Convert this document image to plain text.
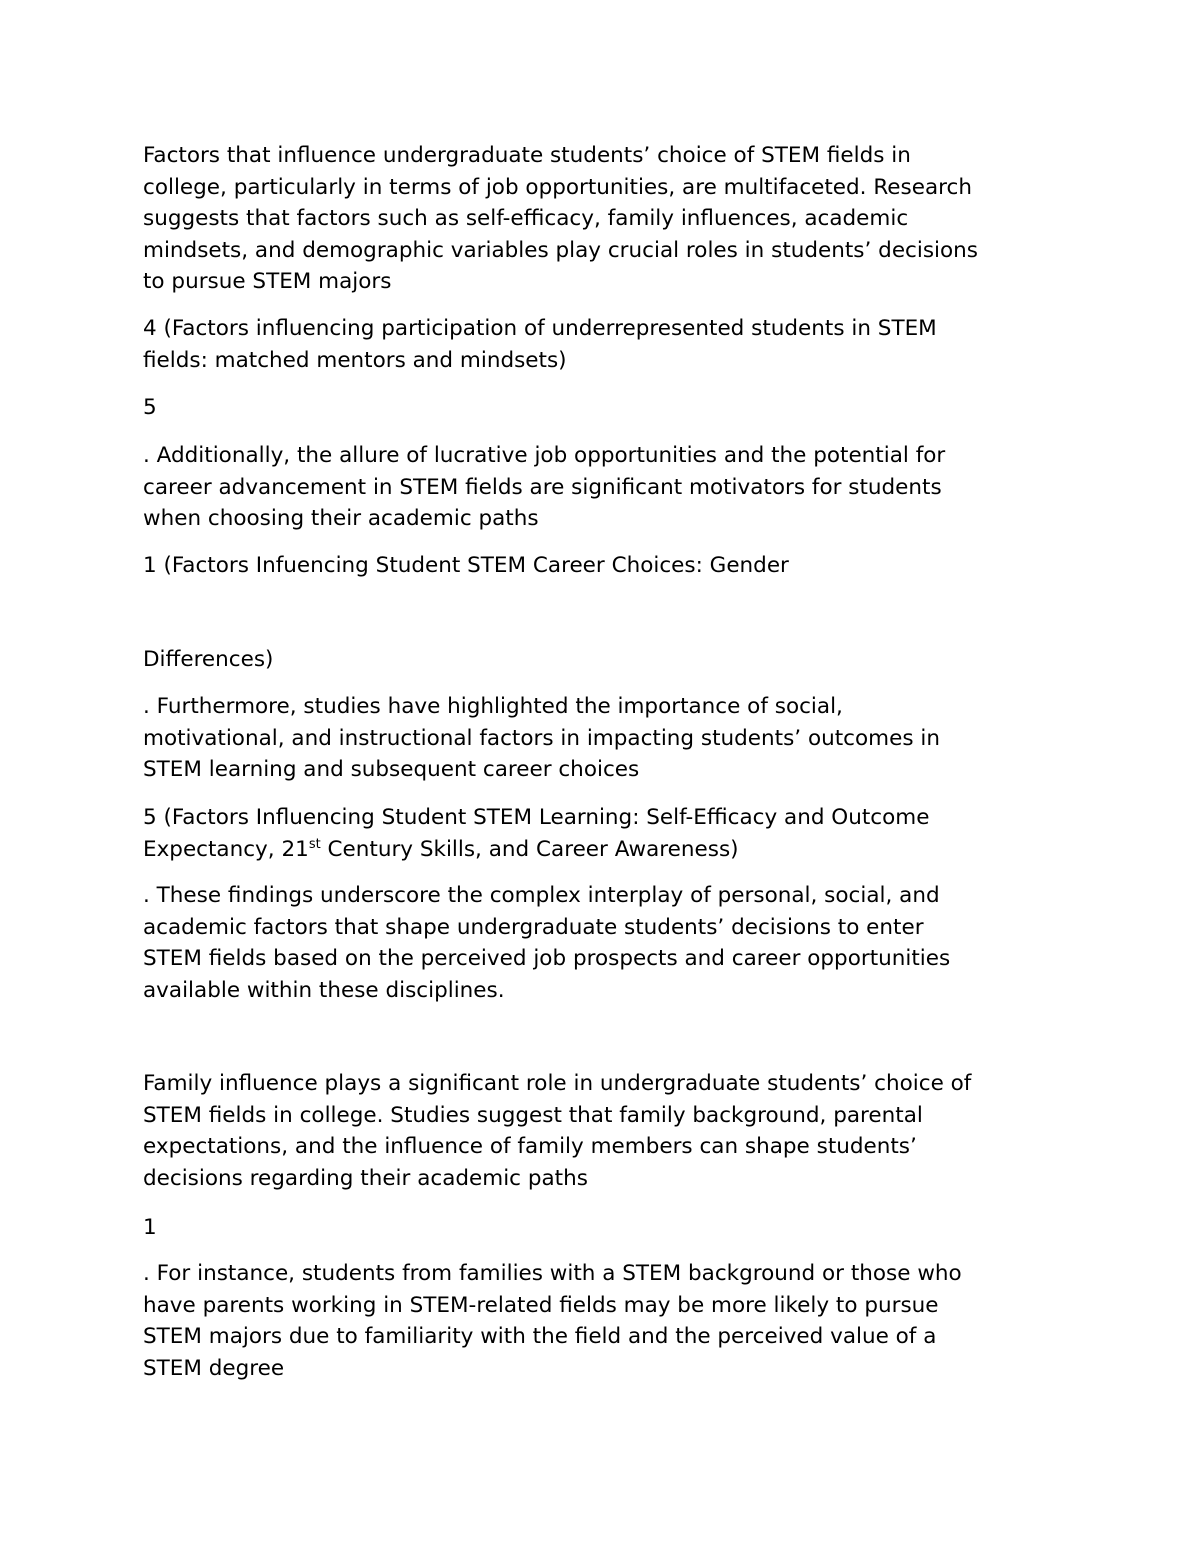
Factors that influence undergraduate students’ choice of STEM fields in
college, particularly in terms of job opportunities, are multifaceted. Research
suggests that factors such as self-efficacy, family influences, academic
mindsets, and demographic variables play crucial roles in students’ decisions
to pursue STEM majors

4 (Factors influencing participation of underrepresented students in STEM
fields: matched mentors and mindsets)

5

. Additionally, the allure of lucrative job opportunities and the potential for
career advancement in STEM fields are significant motivators for students
when choosing their academic paths

1 (Factors Infuencing Student STEM Career Choices: Gender

Differences)

. Furthermore, studies have highlighted the importance of social,
motivational, and instructional factors in impacting students’ outcomes in
STEM learning and subsequent career choices

5 (Factors Influencing Student STEM Learning: Self-Efficacy and Outcome
Expectancy, 21st Century Skills, and Career Awareness)

. These findings underscore the complex interplay of personal, social, and
academic factors that shape undergraduate students’ decisions to enter
STEM fields based on the perceived job prospects and career opportunities
available within these disciplines.

Family influence plays a significant role in undergraduate students’ choice of
STEM fields in college. Studies suggest that family background, parental
expectations, and the influence of family members can shape students’
decisions regarding their academic paths

1

. For instance, students from families with a STEM background or those who
have parents working in STEM-related fields may be more likely to pursue
STEM majors due to familiarity with the field and the perceived value of a
STEM degree
